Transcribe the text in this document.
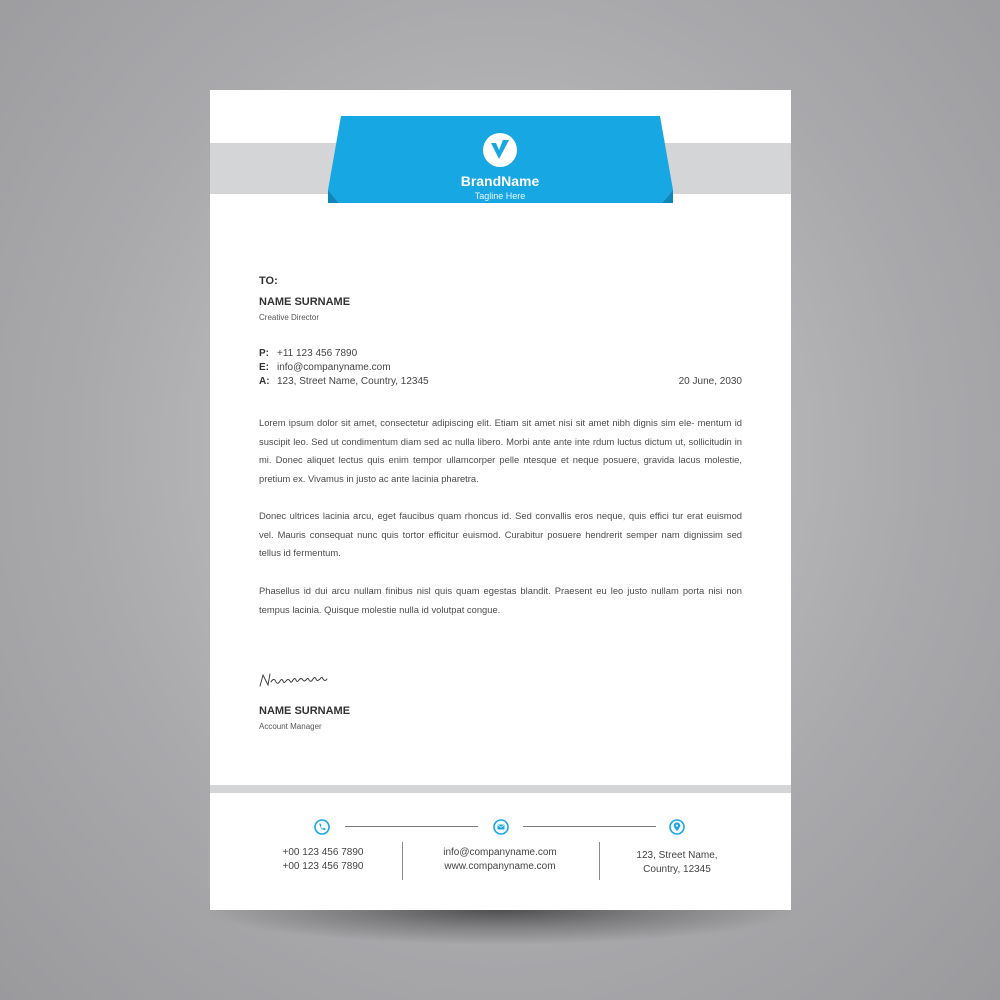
BrandName
Tagline Here
TO:
NAME SURNAME
Creative Director
P: +11 123 456 7890
E: info@companyname.com
A: 123, Street Name, Country, 12345	20 June, 2030
Lorem ipsum dolor sit amet, consectetur adipiscing elit. Etiam sit amet nisi sit amet nibh dignis sim ele- mentum id suscipit leo. Sed ut condimentum diam sed ac nulla libero. Morbi ante ante inte rdum luctus dictum ut, sollicitudin in mi. Donec aliquet lectus quis enim tempor ullamcorper pelle ntesque et neque posuere, gravida lacus molestie, pretium ex. Vivamus in justo ac ante lacinia pharetra.
Donec ultrices lacinia arcu, eget faucibus quam rhoncus id. Sed convallis eros neque, quis effici tur erat euismod vel. Mauris consequat nunc quis tortor efficitur euismod. Curabitur posuere hendrerit semper nam dignissim sed tellus id fermentum.
Phasellus id dui arcu nullam finibus nisl quis quam egestas blandit. Praesent eu leo justo nullam porta nisi non tempus lacinia. Quisque molestie nulla id volutpat congue.
NAME SURNAME
Account Manager
+00 123 456 7890
+00 123 456 7890
info@companyname.com
www.companyname.com
123, Street Name,
Country, 12345
